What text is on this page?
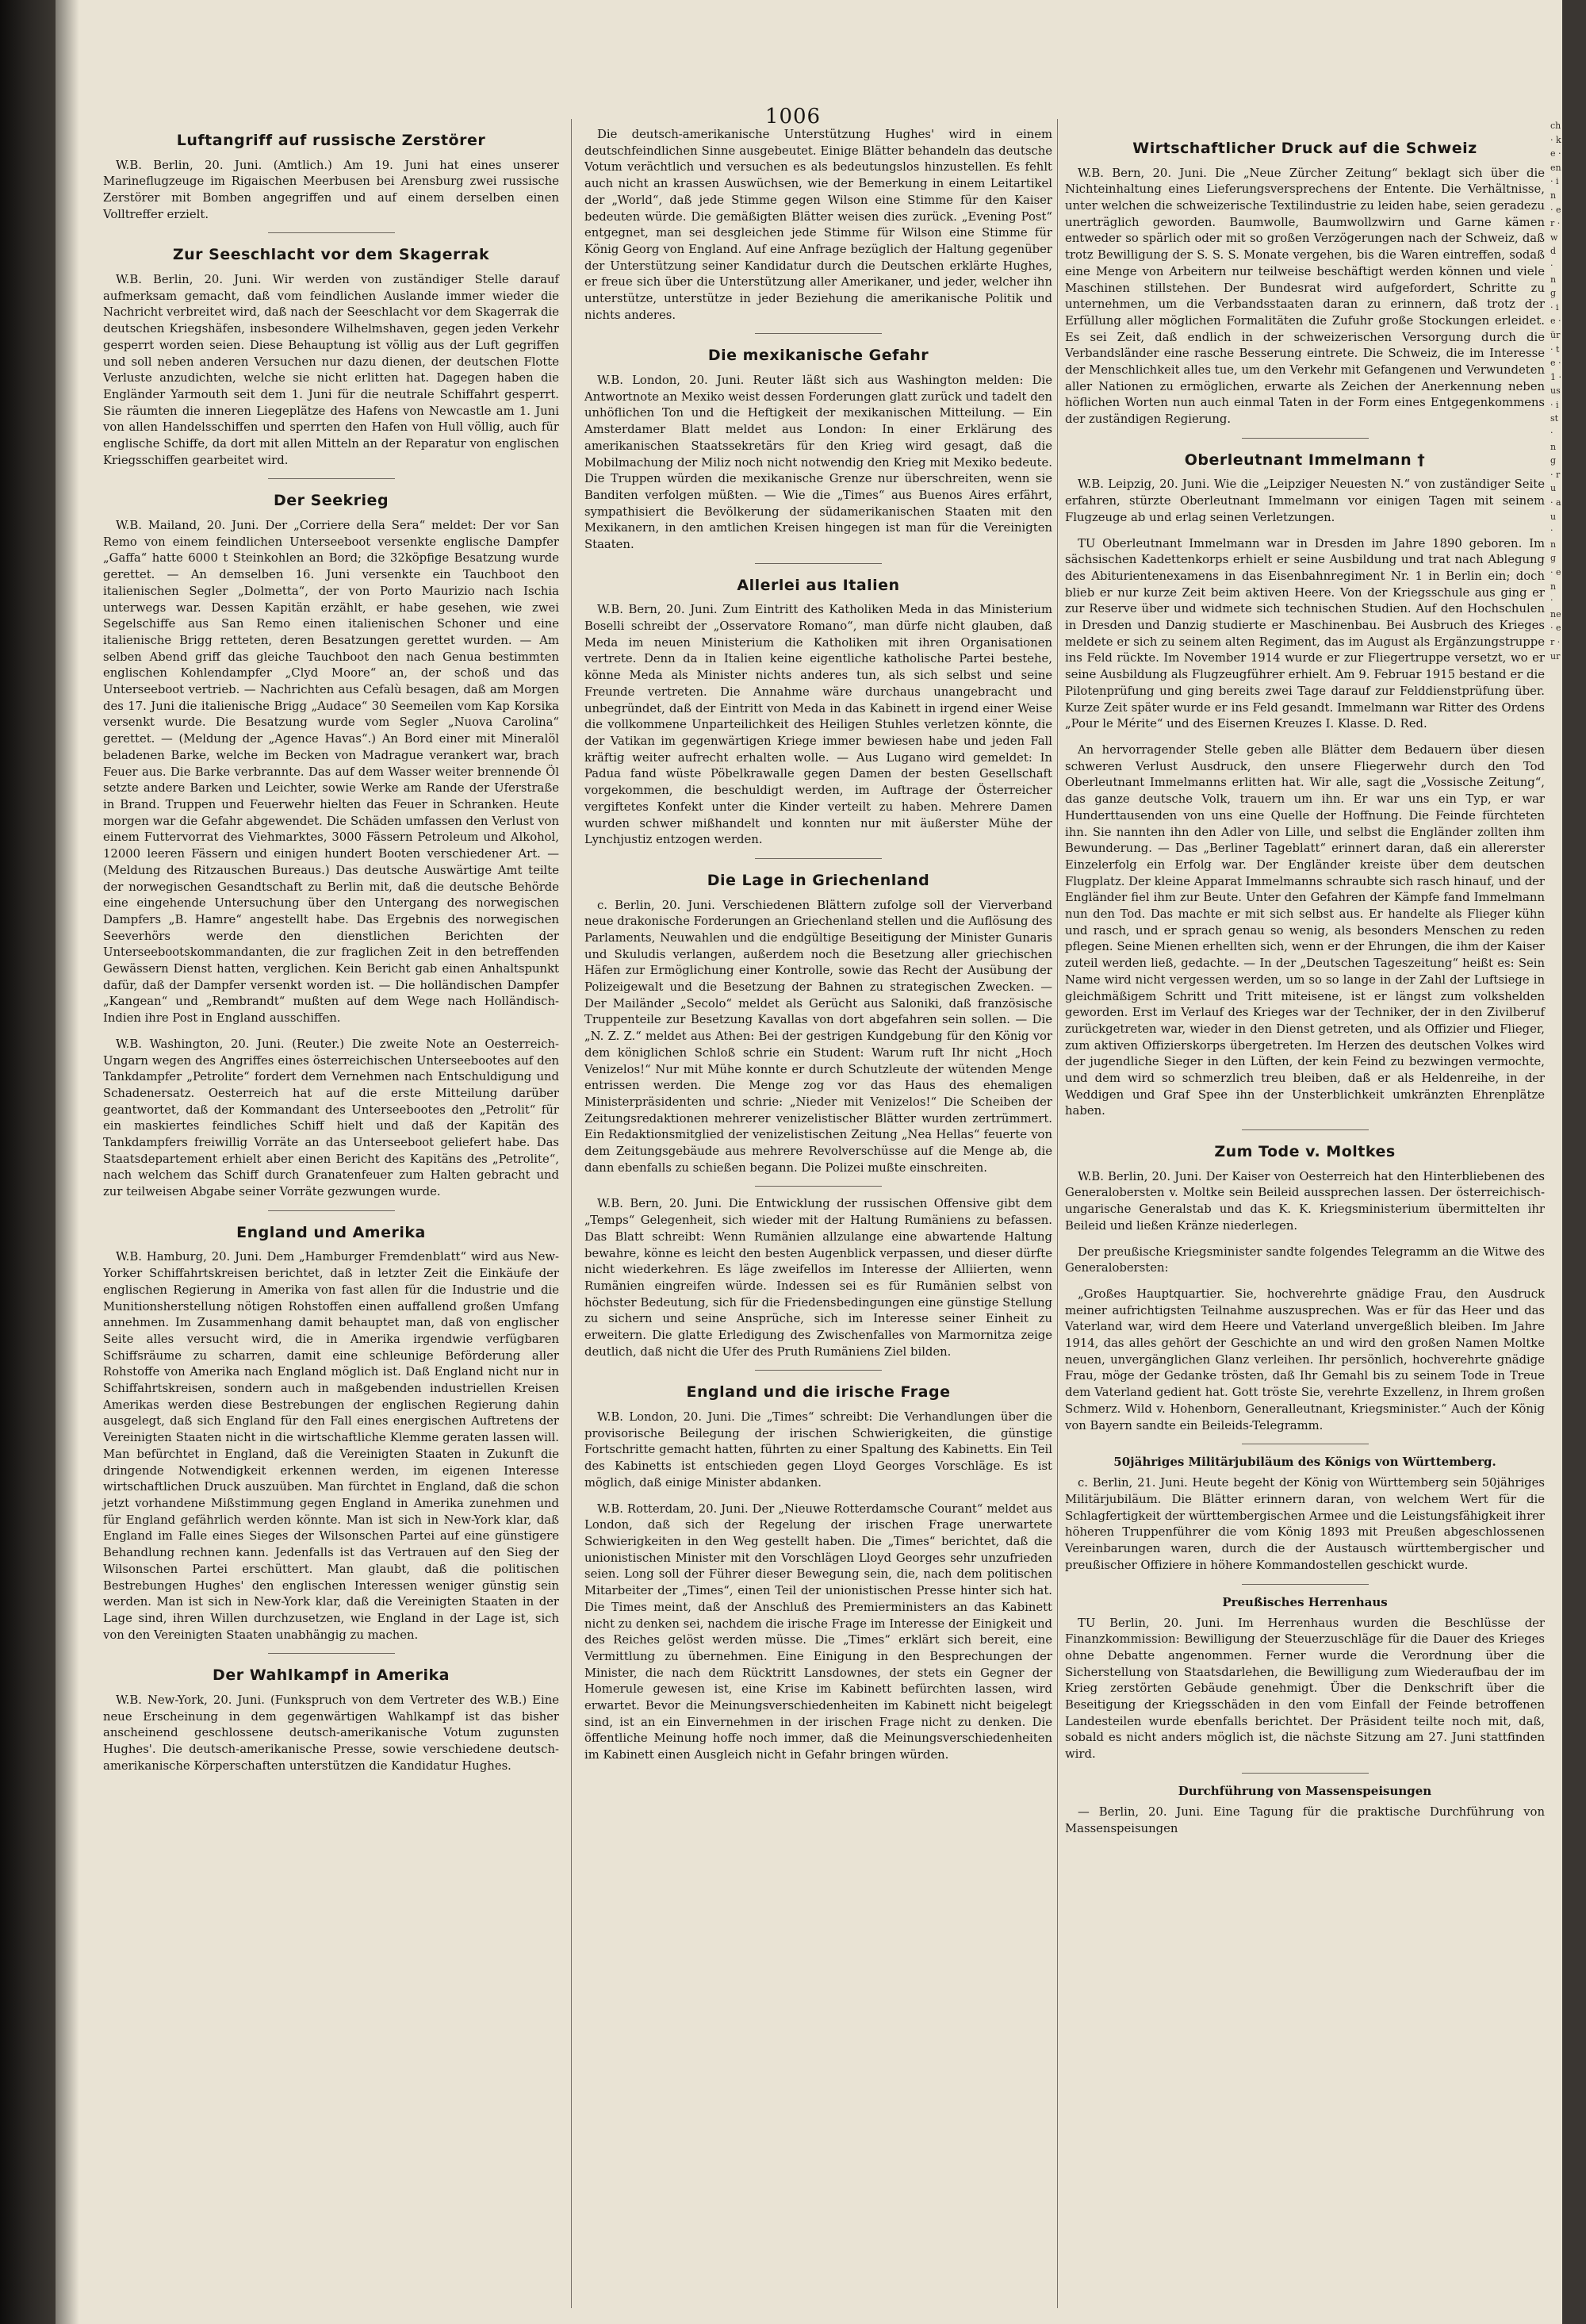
1006
Luftangriff auf russische Zerstörer

W.B. Berlin, 20. Juni. (Amtlich.) Am 19. Juni hat eines unserer Marineflugzeuge im Rigaischen Meerbusen bei Arensburg zwei russische Zerstörer mit Bomben angegriffen und auf einem derselben einen Volltreffer erzielt.

Zur Seeschlacht vor dem Skagerrak

W.B. Berlin, 20. Juni. Wir werden von zuständiger Stelle darauf aufmerksam gemacht, daß vom feindlichen Auslande immer wieder die Nachricht verbreitet wird, daß nach der Seeschlacht vor dem Skagerrak die deutschen Kriegshäfen, insbesondere Wilhelmshaven, gegen jeden Verkehr gesperrt worden seien. Diese Behauptung ist völlig aus der Luft gegriffen und soll neben anderen Versuchen nur dazu dienen, der deutschen Flotte Verluste anzudichten, welche sie nicht erlitten hat. Dagegen haben die Engländer Yarmouth seit dem 1. Juni für die neutrale Schiffahrt gesperrt. Sie räumten die inneren Liegeplätze des Hafens von Newcastle am 1. Juni von allen Handelsschiffen und sperrten den Hafen von Hull völlig, auch für englische Schiffe, da dort mit allen Mitteln an der Reparatur von englischen Kriegsschiffen gearbeitet wird.

Der Seekrieg

W.B. Mailand, 20. Juni. Der „Corriere della Sera“ meldet: Der vor San Remo von einem feindlichen Unterseeboot versenkte englische Dampfer „Gaffa“ hatte 6000 t Steinkohlen an Bord; die 32köpfige Besatzung wurde gerettet. — An demselben 16. Juni versenkte ein Tauchboot den italienischen Segler „Dolmetta“, der von Porto Maurizio nach Ischia unterwegs war. Dessen Kapitän erzählt, er habe gesehen, wie zwei Segelschiffe aus San Remo einen italienischen Schoner und eine italienische Brigg retteten, deren Besatzungen gerettet wurden. — Am selben Abend griff das gleiche Tauchboot den nach Genua bestimmten englischen Kohlendampfer „Clyd Moore“ an, der schoß und das Unterseeboot vertrieb. — Nachrichten aus Cefalù besagen, daß am Morgen des 17. Juni die italienische Brigg „Audace“ 30 Seemeilen vom Kap Korsika versenkt wurde. Die Besatzung wurde vom Segler „Nuova Carolina“ gerettet. — (Meldung der „Agence Havas“.) An Bord einer mit Mineralöl beladenen Barke, welche im Becken von Madrague verankert war, brach Feuer aus. Die Barke verbrannte. Das auf dem Wasser weiter brennende Öl setzte andere Barken und Leichter, sowie Werke am Rande der Uferstraße in Brand. Truppen und Feuerwehr hielten das Feuer in Schranken. Heute morgen war die Gefahr abgewendet. Die Schäden umfassen den Verlust von einem Futtervorrat des Viehmarktes, 3000 Fässern Petroleum und Alkohol, 12000 leeren Fässern und einigen hundert Booten verschiedener Art. — (Meldung des Ritzauschen Bureaus.) Das deutsche Auswärtige Amt teilte der norwegischen Gesandtschaft zu Berlin mit, daß die deutsche Behörde eine eingehende Untersuchung über den Untergang des norwegischen Dampfers „B. Hamre“ angestellt habe. Das Ergebnis des norwegischen Seeverhörs werde den dienstlichen Berichten der Unterseebootskommandanten, die zur fraglichen Zeit in den betreffenden Gewässern Dienst hatten, verglichen. Kein Bericht gab einen Anhaltspunkt dafür, daß der Dampfer versenkt worden ist. — Die holländischen Dampfer „Kangean“ und „Rembrandt“ mußten auf dem Wege nach Holländisch-Indien ihre Post in England ausschiffen.

W.B. Washington, 20. Juni. (Reuter.) Die zweite Note an Oesterreich-Ungarn wegen des Angriffes eines österreichischen Unterseebootes auf den Tankdampfer „Petrolite“ fordert dem Vernehmen nach Entschuldigung und Schadenersatz. Oesterreich hat auf die erste Mitteilung darüber geantwortet, daß der Kommandant des Unterseebootes den „Petrolit“ für ein maskiertes feindliches Schiff hielt und daß der Kapitän des Tankdampfers freiwillig Vorräte an das Unterseeboot geliefert habe. Das Staatsdepartement erhielt aber einen Bericht des Kapitäns des „Petrolite“, nach welchem das Schiff durch Granatenfeuer zum Halten gebracht und zur teilweisen Abgabe seiner Vorräte gezwungen wurde.

England und Amerika

W.B. Hamburg, 20. Juni. Dem „Hamburger Fremdenblatt“ wird aus New-Yorker Schiffahrtskreisen berichtet, daß in letzter Zeit die Einkäufe der englischen Regierung in Amerika von fast allen für die Industrie und die Munitionsherstellung nötigen Rohstoffen einen auffallend großen Umfang annehmen. Im Zusammenhang damit behauptet man, daß von englischer Seite alles versucht wird, die in Amerika irgendwie verfügbaren Schiffsräume zu scharren, damit eine schleunige Beförderung aller Rohstoffe von Amerika nach England möglich ist. Daß England nicht nur in Schiffahrtskreisen, sondern auch in maßgebenden industriellen Kreisen Amerikas werden diese Bestrebungen der englischen Regierung dahin ausgelegt, daß sich England für den Fall eines energischen Auftretens der Vereinigten Staaten nicht in die wirtschaftliche Klemme geraten lassen will. Man befürchtet in England, daß die Vereinigten Staaten in Zukunft die dringende Notwendigkeit erkennen werden, im eigenen Interesse wirtschaftlichen Druck auszuüben. Man fürchtet in England, daß die schon jetzt vorhandene Mißstimmung gegen England in Amerika zunehmen und für England gefährlich werden könnte. Man ist sich in New-York klar, daß England im Falle eines Sieges der Wilsonschen Partei auf eine günstigere Behandlung rechnen kann. Jedenfalls ist das Vertrauen auf den Sieg der Wilsonschen Partei erschüttert. Man glaubt, daß die politischen Bestrebungen Hughes' den englischen Interessen weniger günstig sein werden. Man ist sich in New-York klar, daß die Vereinigten Staaten in der Lage sind, ihren Willen durchzusetzen, wie England in der Lage ist, sich von den Vereinigten Staaten unabhängig zu machen.

Der Wahlkampf in Amerika

W.B. New-York, 20. Juni. (Funkspruch von dem Vertreter des W.B.) Eine neue Erscheinung in dem gegenwärtigen Wahlkampf ist das bisher anscheinend geschlossene deutsch-amerikanische Votum zugunsten Hughes'. Die deutsch-amerikanische Presse, sowie verschiedene deutsch-amerikanische Körperschaften unterstützen die Kandidatur Hughes.

Die deutsch-amerikanische Unterstützung Hughes' wird in einem deutschfeindlichen Sinne ausgebeutet. Einige Blätter behandeln das deutsche Votum verächtlich und versuchen es als bedeutungslos hinzustellen. Es fehlt auch nicht an krassen Auswüchsen, wie der Bemerkung in einem Leitartikel der „World“, daß jede Stimme gegen Wilson eine Stimme für den Kaiser bedeuten würde. Die gemäßigten Blätter weisen dies zurück. „Evening Post“ entgegnet, man sei desgleichen jede Stimme für Wilson eine Stimme für König Georg von England. Auf eine Anfrage bezüglich der Haltung gegenüber der Unterstützung seiner Kandidatur durch die Deutschen erklärte Hughes, er freue sich über die Unterstützung aller Amerikaner, und jeder, welcher ihn unterstütze, unterstütze in jeder Beziehung die amerikanische Politik und nichts anderes.

Die mexikanische Gefahr

W.B. London, 20. Juni. Reuter läßt sich aus Washington melden: Die Antwortnote an Mexiko weist dessen Forderungen glatt zurück und tadelt den unhöflichen Ton und die Heftigkeit der mexikanischen Mitteilung. — Ein Amsterdamer Blatt meldet aus London: In einer Erklärung des amerikanischen Staatssekretärs für den Krieg wird gesagt, daß die Mobilmachung der Miliz noch nicht notwendig den Krieg mit Mexiko bedeute. Die Truppen würden die mexikanische Grenze nur überschreiten, wenn sie Banditen verfolgen müßten. — Wie die „Times“ aus Buenos Aires erfährt, sympathisiert die Bevölkerung der südamerikanischen Staaten mit den Mexikanern, in den amtlichen Kreisen hingegen ist man für die Vereinigten Staaten.

Allerlei aus Italien

W.B. Bern, 20. Juni. Zum Eintritt des Katholiken Meda in das Ministerium Boselli schreibt der „Osservatore Romano“, man dürfe nicht glauben, daß Meda im neuen Ministerium die Katholiken mit ihren Organisationen vertrete. Denn da in Italien keine eigentliche katholische Partei bestehe, könne Meda als Minister nichts anderes tun, als sich selbst und seine Freunde vertreten. Die Annahme wäre durchaus unangebracht und unbegründet, daß der Eintritt von Meda in das Kabinett in irgend einer Weise die vollkommene Unparteilichkeit des Heiligen Stuhles verletzen könnte, die der Vatikan im gegenwärtigen Kriege immer bewiesen habe und jeden Fall kräftig weiter aufrecht erhalten wolle. — Aus Lugano wird gemeldet: In Padua fand wüste Pöbelkrawalle gegen Damen der besten Gesellschaft vorgekommen, die beschuldigt werden, im Auftrage der Österreicher vergiftetes Konfekt unter die Kinder verteilt zu haben. Mehrere Damen wurden schwer mißhandelt und konnten nur mit äußerster Mühe der Lynchjustiz entzogen werden.

Die Lage in Griechenland

c. Berlin, 20. Juni. Verschiedenen Blättern zufolge soll der Vierverband neue drakonische Forderungen an Griechenland stellen und die Auflösung des Parlaments, Neuwahlen und die endgültige Beseitigung der Minister Gunaris und Skuludis verlangen, außerdem noch die Besetzung aller griechischen Häfen zur Ermöglichung einer Kontrolle, sowie das Recht der Ausübung der Polizeigewalt und die Besetzung der Bahnen zu strategischen Zwecken. — Der Mailänder „Secolo“ meldet als Gerücht aus Saloniki, daß französische Truppenteile zur Besetzung Kavallas von dort abgefahren sein sollen. — Die „N. Z. Z.“ meldet aus Athen: Bei der gestrigen Kundgebung für den König vor dem königlichen Schloß schrie ein Student: Warum ruft Ihr nicht „Hoch Venizelos!“ Nur mit Mühe konnte er durch Schutzleute der wütenden Menge entrissen werden. Die Menge zog vor das Haus des ehemaligen Ministerpräsidenten und schrie: „Nieder mit Venizelos!“ Die Scheiben der Zeitungsredaktionen mehrerer venizelistischer Blätter wurden zertrümmert. Ein Redaktionsmitglied der venizelistischen Zeitung „Nea Hellas“ feuerte von dem Zeitungsgebäude aus mehrere Revolverschüsse auf die Menge ab, die dann ebenfalls zu schießen begann. Die Polizei mußte einschreiten.

W.B. Bern, 20. Juni. Die Entwicklung der russischen Offensive gibt dem „Temps“ Gelegenheit, sich wieder mit der Haltung Rumäniens zu befassen. Das Blatt schreibt: Wenn Rumänien allzulange eine abwartende Haltung bewahre, könne es leicht den besten Augenblick verpassen, und dieser dürfte nicht wiederkehren. Es läge zweifellos im Interesse der Alliierten, wenn Rumänien eingreifen würde. Indessen sei es für Rumänien selbst von höchster Bedeutung, sich für die Friedensbedingungen eine günstige Stellung zu sichern und seine Ansprüche, sich im Interesse seiner Einheit zu erweitern. Die glatte Erledigung des Zwischenfalles von Marmornitza zeige deutlich, daß nicht die Ufer des Pruth Rumäniens Ziel bilden.

England und die irische Frage

W.B. London, 20. Juni. Die „Times“ schreibt: Die Verhandlungen über die provisorische Beilegung der irischen Schwierigkeiten, die günstige Fortschritte gemacht hatten, führten zu einer Spaltung des Kabinetts. Ein Teil des Kabinetts ist entschieden gegen Lloyd Georges Vorschläge. Es ist möglich, daß einige Minister abdanken.

W.B. Rotterdam, 20. Juni. Der „Nieuwe Rotterdamsche Courant“ meldet aus London, daß sich der Regelung der irischen Frage unerwartete Schwierigkeiten in den Weg gestellt haben. Die „Times“ berichtet, daß die unionistischen Minister mit den Vorschlägen Lloyd Georges sehr unzufrieden seien. Long soll der Führer dieser Bewegung sein, die, nach dem politischen Mitarbeiter der „Times“, einen Teil der unionistischen Presse hinter sich hat. Die Times meint, daß der Anschluß des Premierministers an das Kabinett nicht zu denken sei, nachdem die irische Frage im Interesse der Einigkeit und des Reiches gelöst werden müsse. Die „Times“ erklärt sich bereit, eine Vermittlung zu übernehmen. Eine Einigung in den Besprechungen der Minister, die nach dem Rücktritt Lansdownes, der stets ein Gegner der Homerule gewesen ist, eine Krise im Kabinett befürchten lassen, wird erwartet. Bevor die Meinungsverschiedenheiten im Kabinett nicht beigelegt sind, ist an ein Einvernehmen in der irischen Frage nicht zu denken. Die öffentliche Meinung hoffe noch immer, daß die Meinungsverschiedenheiten im Kabinett einen Ausgleich nicht in Gefahr bringen würden.

Wirtschaftlicher Druck auf die Schweiz

W.B. Bern, 20. Juni. Die „Neue Zürcher Zeitung“ beklagt sich über die Nichteinhaltung eines Lieferungsversprechens der Entente. Die Verhältnisse, unter welchen die schweizerische Textilindustrie zu leiden habe, seien geradezu unerträglich geworden. Baumwolle, Baumwollzwirn und Garne kämen entweder so spärlich oder mit so großen Verzögerungen nach der Schweiz, daß trotz Bewilligung der S. S. S. Monate vergehen, bis die Waren eintreffen, sodaß eine Menge von Arbeitern nur teilweise beschäftigt werden können und viele Maschinen stillstehen. Der Bundesrat wird aufgefordert, Schritte zu unternehmen, um die Verbandsstaaten daran zu erinnern, daß trotz der Erfüllung aller möglichen Formalitäten die Zufuhr große Stockungen erleidet. Es sei Zeit, daß endlich in der schweizerischen Versorgung durch die Verbandsländer eine rasche Besserung eintrete. Die Schweiz, die im Interesse der Menschlichkeit alles tue, um den Verkehr mit Gefangenen und Verwundeten aller Nationen zu ermöglichen, erwarte als Zeichen der Anerkennung neben höflichen Worten nun auch einmal Taten in der Form eines Entgegenkommens der zuständigen Regierung.

Oberleutnant Immelmann †

W.B. Leipzig, 20. Juni. Wie die „Leipziger Neuesten N.“ von zuständiger Seite erfahren, stürzte Oberleutnant Immelmann vor einigen Tagen mit seinem Flugzeuge ab und erlag seinen Verletzungen.

TU Oberleutnant Immelmann war in Dresden im Jahre 1890 geboren. Im sächsischen Kadettenkorps erhielt er seine Ausbildung und trat nach Ablegung des Abiturientenexamens in das Eisenbahnregiment Nr. 1 in Berlin ein; doch blieb er nur kurze Zeit beim aktiven Heere. Von der Kriegsschule aus ging er zur Reserve über und widmete sich technischen Studien. Auf den Hochschulen in Dresden und Danzig studierte er Maschinenbau. Bei Ausbruch des Krieges meldete er sich zu seinem alten Regiment, das im August als Ergänzungstruppe ins Feld rückte. Im November 1914 wurde er zur Fliegertruppe versetzt, wo er seine Ausbildung als Flugzeugführer erhielt. Am 9. Februar 1915 bestand er die Pilotenprüfung und ging bereits zwei Tage darauf zur Felddienstprüfung über. Kurze Zeit später wurde er ins Feld gesandt. Immelmann war Ritter des Ordens „Pour le Mérite“ und des Eisernen Kreuzes I. Klasse. D. Red.

An hervorragender Stelle geben alle Blätter dem Bedauern über diesen schweren Verlust Ausdruck, den unsere Fliegerwehr durch den Tod Oberleutnant Immelmanns erlitten hat. Wir alle, sagt die „Vossische Zeitung“, das ganze deutsche Volk, trauern um ihn. Er war uns ein Typ, er war Hunderttausenden von uns eine Quelle der Hoffnung. Die Feinde fürchteten ihn. Sie nannten ihn den Adler von Lille, und selbst die Engländer zollten ihm Bewunderung. — Das „Berliner Tageblatt“ erinnert daran, daß ein allererster Einzelerfolg ein Erfolg war. Der Engländer kreiste über dem deutschen Flugplatz. Der kleine Apparat Immelmanns schraubte sich rasch hinauf, und der Engländer fiel ihm zur Beute. Unter den Gefahren der Kämpfe fand Immelmann nun den Tod. Das machte er mit sich selbst aus. Er handelte als Flieger kühn und rasch, und er sprach genau so wenig, als besonders Menschen zu reden pflegen. Seine Mienen erhellten sich, wenn er der Ehrungen, die ihm der Kaiser zuteil werden ließ, gedachte. — In der „Deutschen Tageszeitung“ heißt es: Sein Name wird nicht vergessen werden, um so so lange in der Zahl der Luftsiege in gleichmäßigem Schritt und Tritt miteisene, ist er längst zum volkshelden geworden. Erst im Verlauf des Krieges war der Techniker, der in den Zivilberuf zurückgetreten war, wieder in den Dienst getreten, und als Offizier und Flieger, zum aktiven Offizierskorps übergetreten. Im Herzen des deutschen Volkes wird der jugendliche Sieger in den Lüften, der kein Feind zu bezwingen vermochte, und dem wird so schmerzlich treu bleiben, daß er als Heldenreihe, in der Weddigen und Graf Spee ihn der Unsterblichkeit umkränzten Ehrenplätze haben.

Zum Tode v. Moltkes

W.B. Berlin, 20. Juni. Der Kaiser von Oesterreich hat den Hinterbliebenen des Generalobersten v. Moltke sein Beileid aussprechen lassen. Der österreichisch-ungarische Generalstab und das K. K. Kriegsministerium übermittelten ihr Beileid und ließen Kränze niederlegen.

Der preußische Kriegsminister sandte folgendes Telegramm an die Witwe des Generalobersten:

„Großes Hauptquartier. Sie, hochverehrte gnädige Frau, den Ausdruck meiner aufrichtigsten Teilnahme auszusprechen. Was er für das Heer und das Vaterland war, wird dem Heere und Vaterland unvergeßlich bleiben. Im Jahre 1914, das alles gehört der Geschichte an und wird den großen Namen Moltke neuen, unvergänglichen Glanz verleihen. Ihr persönlich, hochverehrte gnädige Frau, möge der Gedanke trösten, daß Ihr Gemahl bis zu seinem Tode in Treue dem Vaterland gedient hat. Gott tröste Sie, verehrte Exzellenz, in Ihrem großen Schmerz. Wild v. Hohenborn, Generalleutnant, Kriegsminister.“ Auch der König von Bayern sandte ein Beileids-Telegramm.

50jähriges Militärjubiläum des Königs von Württemberg.

c. Berlin, 21. Juni. Heute begeht der König von Württemberg sein 50jähriges Militärjubiläum. Die Blätter erinnern daran, von welchem Wert für die Schlagfertigkeit der württembergischen Armee und die Leistungsfähigkeit ihrer höheren Truppenführer die vom König 1893 mit Preußen abgeschlossenen Vereinbarungen waren, durch die der Austausch württembergischer und preußischer Offiziere in höhere Kommandostellen geschickt wurde.

Preußisches Herrenhaus

TU Berlin, 20. Juni. Im Herrenhaus wurden die Beschlüsse der Finanzkommission: Bewilligung der Steuerzuschläge für die Dauer des Krieges ohne Debatte angenommen. Ferner wurde die Verordnung über die Sicherstellung von Staatsdarlehen, die Bewilligung zum Wiederaufbau der im Krieg zerstörten Gebäude genehmigt. Über die Denkschrift über die Beseitigung der Kriegsschäden in den vom Einfall der Feinde betroffenen Landesteilen wurde ebenfalls berichtet. Der Präsident teilte noch mit, daß, sobald es nicht anders möglich ist, die nächste Sitzung am 27. Juni stattfinden wird.

Durchführung von Massenspeisungen

— Berlin, 20. Juni. Eine Tagung für die praktische Durchführung von Massenspeisungen

ch · ke · en · in · er · wd · ng · ie · ür · te · 1 · us · ist · ng · ru · au · ng · en · ne · er · ur
